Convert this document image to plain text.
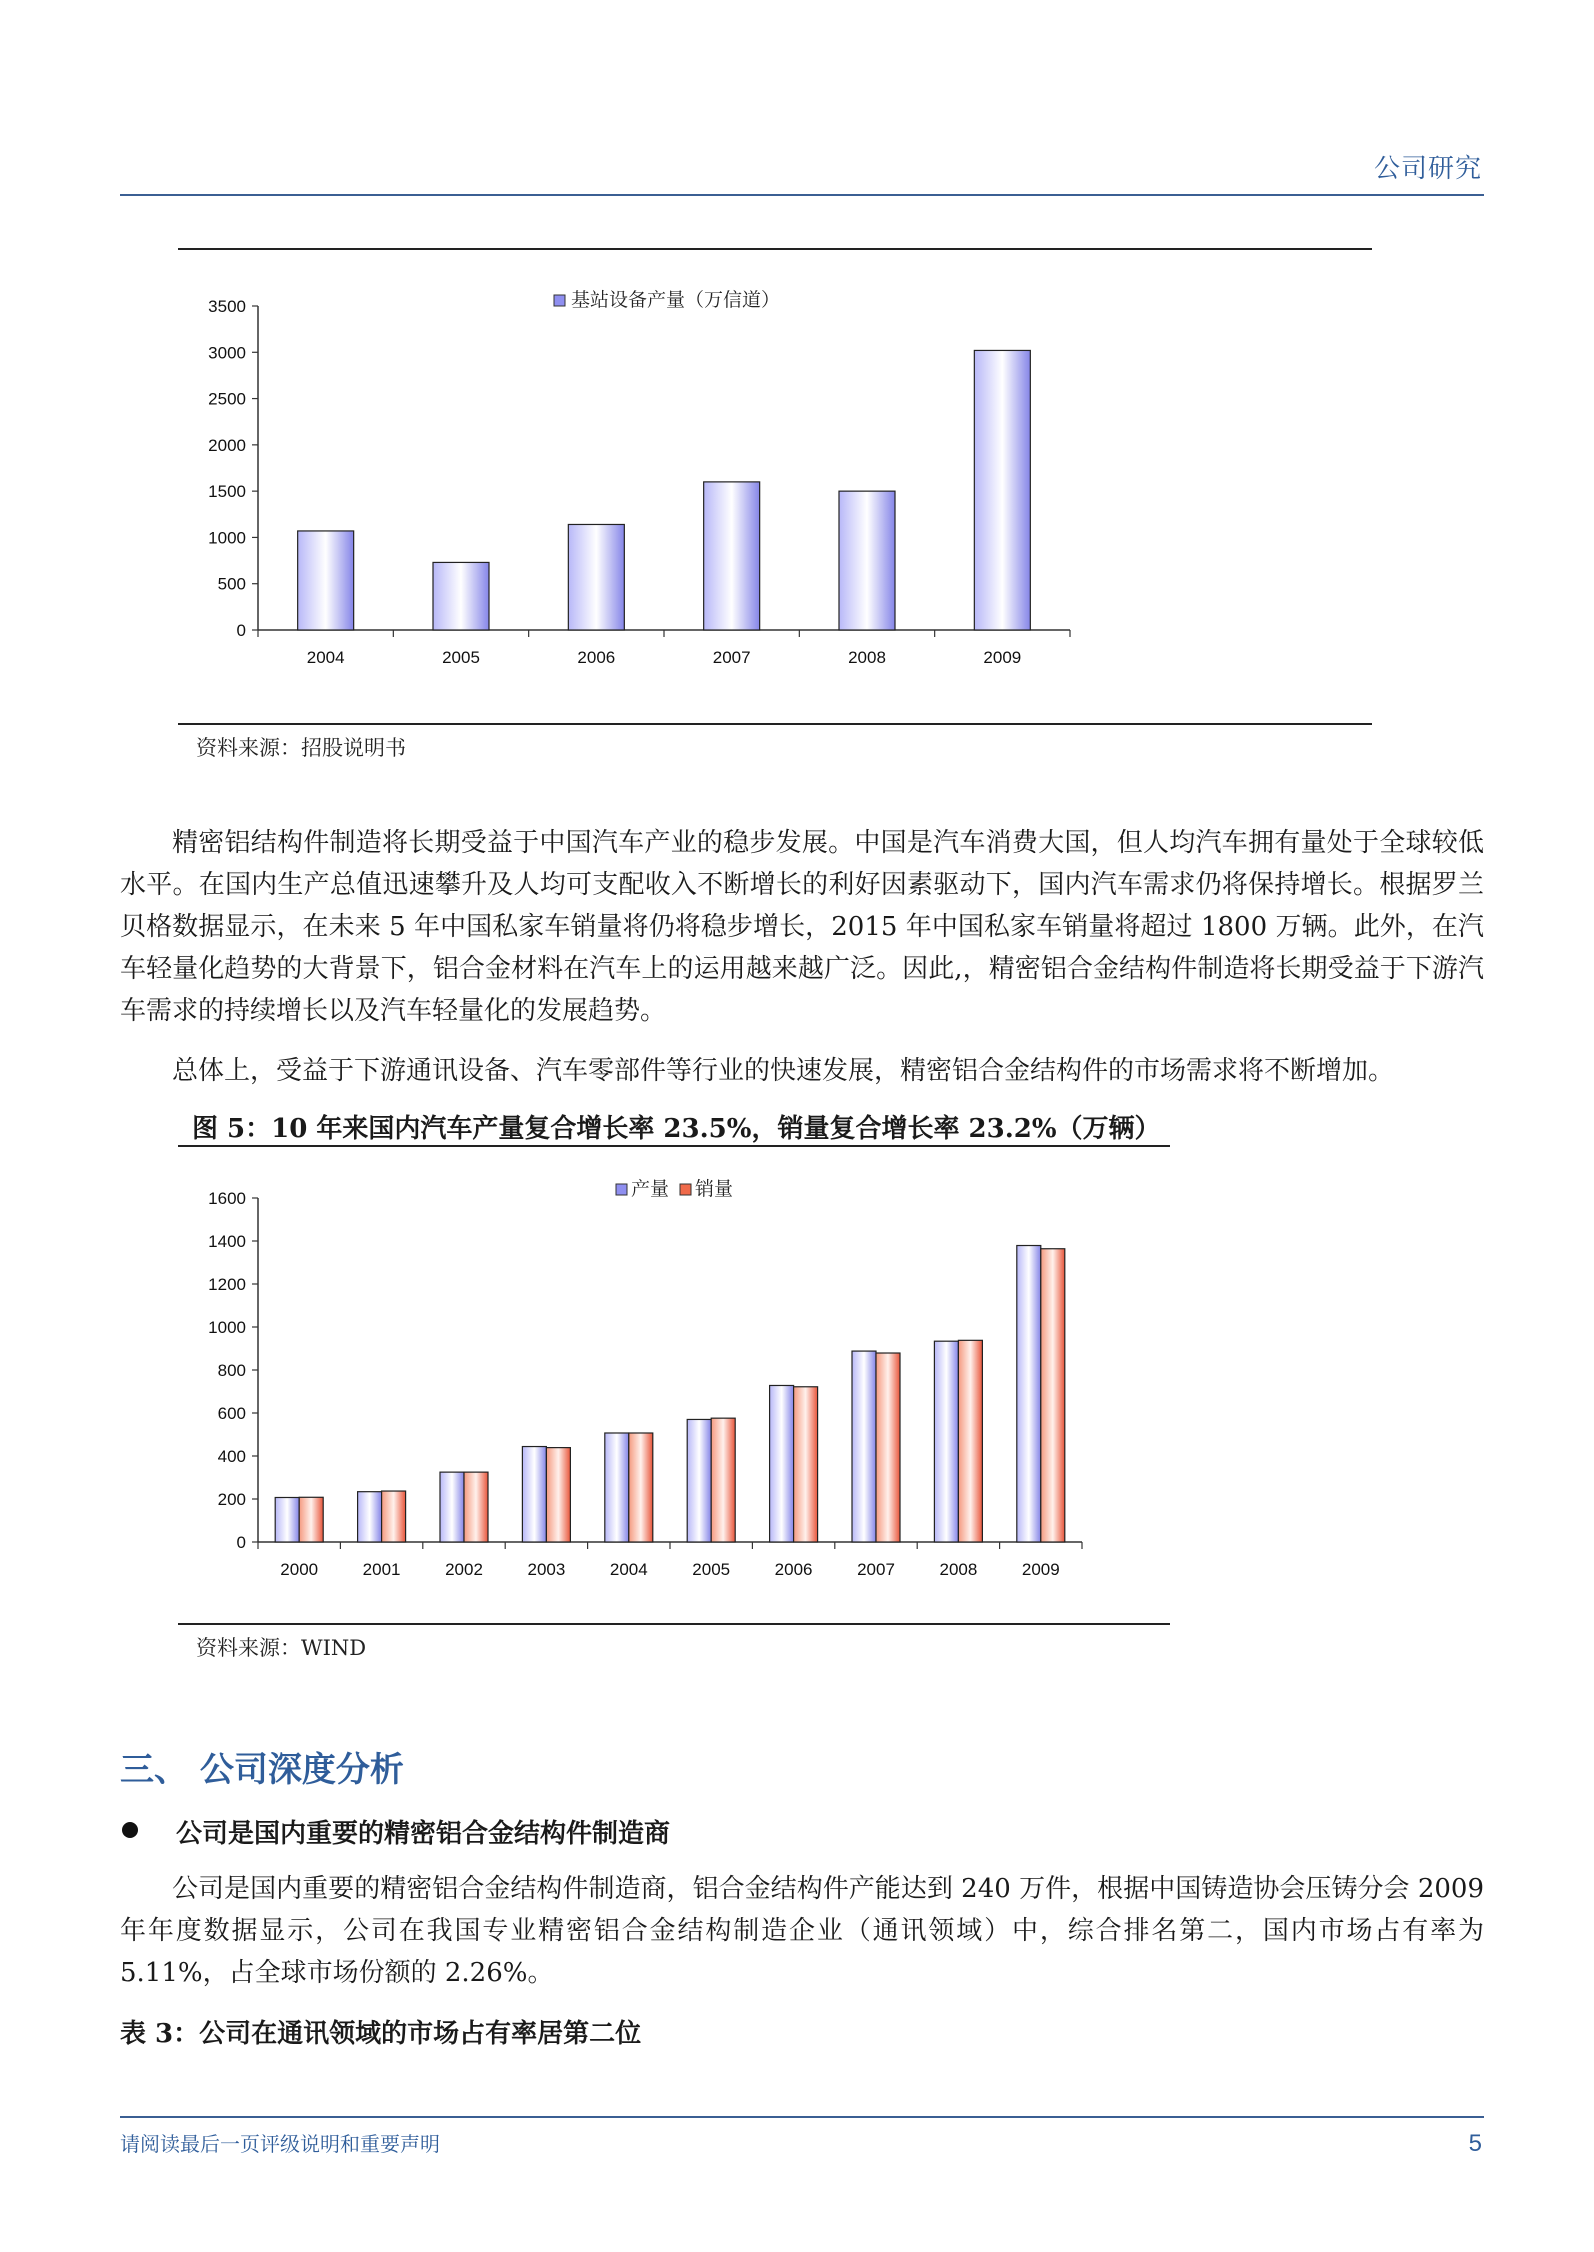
公司研究
基站设备产量（万信道）
0
500
1000
1500
2000
2500
3000
3500
2004	2005	2006	2007	2008	2009
资料来源：招股说明书
精密铝结构件制造将长期受益于中国汽车产业的稳步发展。中国是汽车消费大国，但人均汽车拥有量处于全球较低水平。在国内生产总值迅速攀升及人均可支配收入不断增长的利好因素驱动下，国内汽车需求仍将保持增长。根据罗兰贝格数据显示，在未来 5 年中国私家车销量将仍将稳步增长，2015 年中国私家车销量将超过 1800 万辆。此外，在汽车轻量化趋势的大背景下，铝合金材料在汽车上的运用越来越广泛。因此,，精密铝合金结构件制造将长期受益于下游汽车需求的持续增长以及汽车轻量化的发展趋势。
总体上，受益于下游通讯设备、汽车零部件等行业的快速发展，精密铝合金结构件的市场需求将不断增加。
图 5：10 年来国内汽车产量复合增长率 23.5%，销量复合增长率 23.2%（万辆）
产量 销量
0
200
400
600
800
1000
1200
1400
1600
2000	2001	2002	2003	2004	2005	2006	2007	2008	2009
资料来源：WIND
三、 公司深度分析
公司是国内重要的精密铝合金结构件制造商
公司是国内重要的精密铝合金结构件制造商，铝合金结构件产能达到 240 万件，根据中国铸造协会压铸分会 2009 年年度数据显示，公司在我国专业精密铝合金结构制造企业（通讯领域）中，综合排名第二，国内市场占有率为 5.11%，占全球市场份额的 2.26%。
表 3：公司在通讯领域的市场占有率居第二位
请阅读最后一页评级说明和重要声明	5
